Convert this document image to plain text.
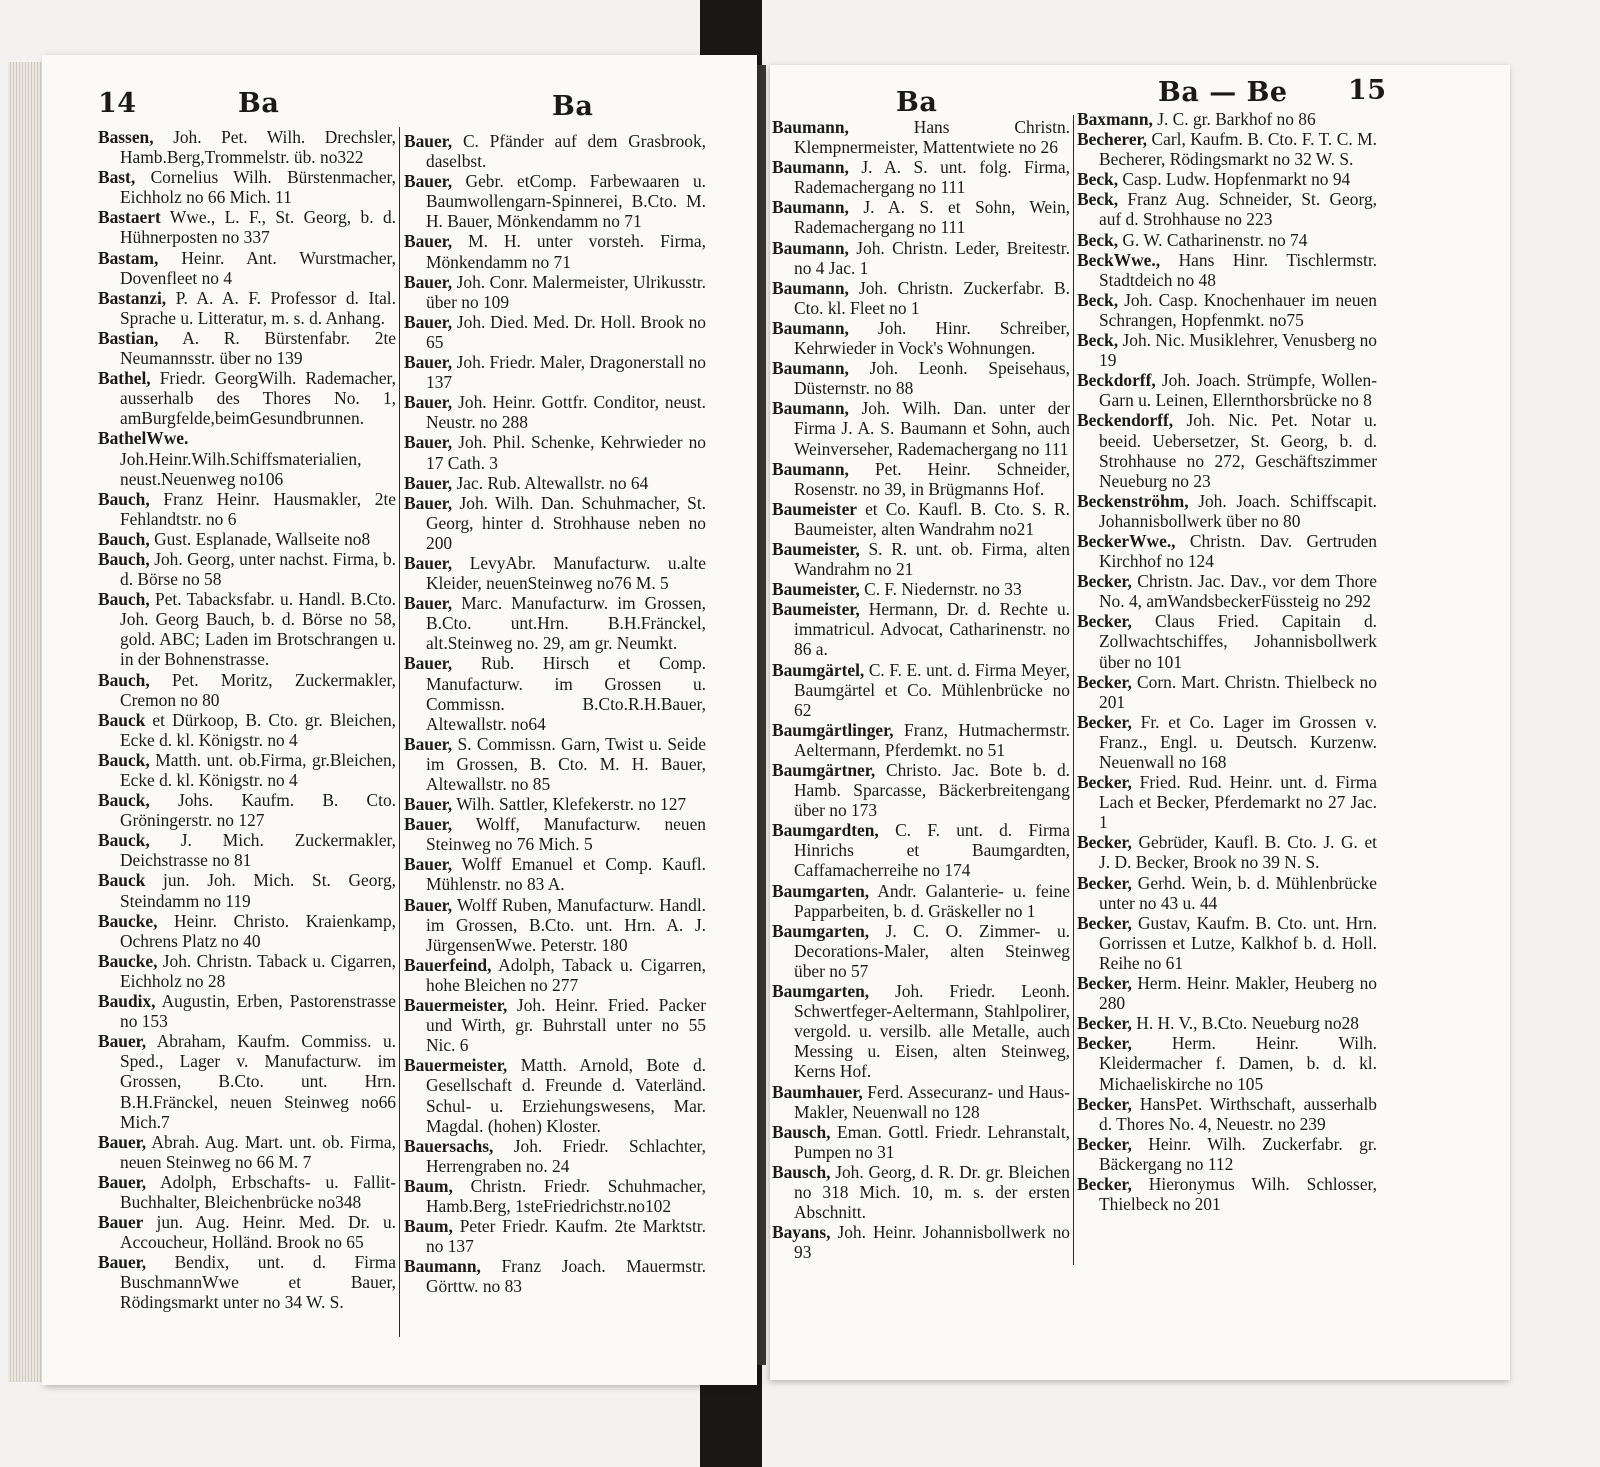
14	Ba	Ba
Bassen, Joh. Pet. Wilh. Drechsler, Hamb.Berg,Trommelstr. üb. no322
Bast, Cornelius Wilh. Bürstenmacher, Eichholz no 66 Mich. 11
Bastaert Wwe., L. F., St. Georg, b. d. Hühnerposten no 337
Bastam, Heinr. Ant. Wurstmacher, Dovenfleet no 4
Bastanzi, P. A. A. F. Professor d. Ital. Sprache u. Litteratur, m. s. d. Anhang.
Bastian, A. R. Bürstenfabr. 2te Neumannsstr. über no 139
Bathel, Friedr. GeorgWilh. Rademacher, ausserhalb des Thores No. 1, amBurgfelde,beimGesundbrunnen.
BathelWwe. Joh.Heinr.Wilh.Schiffsmaterialien, neust.Neuenweg no106
Bauch, Franz Heinr. Hausmakler, 2te Fehlandtstr. no 6
Bauch, Gust. Esplanade, Wallseite no8
Bauch, Joh. Georg, unter nachst. Firma, b. d. Börse no 58
Bauch, Pet. Tabacksfabr. u. Handl. B.Cto. Joh. Georg Bauch, b. d. Börse no 58, gold. ABC; Laden im Brotschrangen u. in der Bohnenstrasse.
Bauch, Pet. Moritz, Zuckermakler, Cremon no 80
Bauck et Dürkoop, B. Cto. gr. Bleichen, Ecke d. kl. Königstr. no 4
Bauck, Matth. unt. ob.Firma, gr.Bleichen, Ecke d. kl. Königstr. no 4
Bauck, Johs. Kaufm. B. Cto. Gröningerstr. no 127
Bauck, J. Mich. Zuckermakler, Deichstrasse no 81
Bauck jun. Joh. Mich. St. Georg, Steindamm no 119
Baucke, Heinr. Christo. Kraienkamp, Ochrens Platz no 40
Baucke, Joh. Christn. Taback u. Cigarren, Eichholz no 28
Baudix, Augustin, Erben, Pastorenstrasse no 153
Bauer, Abraham, Kaufm. Commiss. u. Sped., Lager v. Manufacturw. im Grossen, B.Cto. unt. Hrn. B.H.Fränckel, neuen Steinweg no66 Mich.7
Bauer, Abrah. Aug. Mart. unt. ob. Firma, neuen Steinweg no 66 M. 7
Bauer, Adolph, Erbschafts- u. Fallit-Buchhalter, Bleichenbrücke no348
Bauer jun. Aug. Heinr. Med. Dr. u. Accoucheur, Holländ. Brook no 65
Bauer, Bendix, unt. d. Firma BuschmannWwe et Bauer, Rödingsmarkt unter no 34 W. S.
Bauer, C. Pfänder auf dem Grasbrook, daselbst.
Bauer, Gebr. etComp. Farbewaaren u. Baumwollengarn-Spinnerei, B.Cto. M. H. Bauer, Mönkendamm no 71
Bauer, M. H. unter vorsteh. Firma, Mönkendamm no 71
Bauer, Joh. Conr. Malermeister, Ulrikusstr. über no 109
Bauer, Joh. Died. Med. Dr. Holl. Brook no 65
Bauer, Joh. Friedr. Maler, Dragonerstall no 137
Bauer, Joh. Heinr. Gottfr. Conditor, neust. Neustr. no 288
Bauer, Joh. Phil. Schenke, Kehrwieder no 17 Cath. 3
Bauer, Jac. Rub. Altewallstr. no 64
Bauer, Joh. Wilh. Dan. Schuhmacher, St. Georg, hinter d. Strohhause neben no 200
Bauer, LevyAbr. Manufacturw. u.alte Kleider, neuenSteinweg no76 M. 5
Bauer, Marc. Manufacturw. im Grossen, B.Cto. unt.Hrn. B.H.Fränckel, alt.Steinweg no. 29, am gr. Neumkt.
Bauer, Rub. Hirsch et Comp. Manufacturw. im Grossen u. Commissn. B.Cto.R.H.Bauer, Altewallstr. no64
Bauer, S. Commissn. Garn, Twist u. Seide im Grossen, B. Cto. M. H. Bauer, Altewallstr. no 85
Bauer, Wilh. Sattler, Klefekerstr. no 127
Bauer, Wolff, Manufacturw. neuen Steinweg no 76 Mich. 5
Bauer, Wolff Emanuel et Comp. Kaufl. Mühlenstr. no 83 A.
Bauer, Wolff Ruben, Manufacturw. Handl. im Grossen, B.Cto. unt. Hrn. A. J. JürgensenWwe. Peterstr. 180
Bauerfeind, Adolph, Taback u. Cigarren, hohe Bleichen no 277
Bauermeister, Joh. Heinr. Fried. Packer und Wirth, gr. Buhrstall unter no 55 Nic. 6
Bauermeister, Matth. Arnold, Bote d. Gesellschaft d. Freunde d. Vaterländ. Schul- u. Erziehungswesens, Mar. Magdal. (hohen) Kloster.
Bauersachs, Joh. Friedr. Schlachter, Herrengraben no. 24
Baum, Christn. Friedr. Schuhmacher, Hamb.Berg, 1steFriedrichstr.no102
Baum, Peter Friedr. Kaufm. 2te Marktstr. no 137
Baumann, Franz Joach. Mauermstr. Görttw. no 83
Ba	Ba — Be 15
Baumann, Hans Christn. Klempnermeister, Mattentwiete no 26
Baumann, J. A. S. unt. folg. Firma, Rademachergang no 111
Baumann, J. A. S. et Sohn, Wein, Rademachergang no 111
Baumann, Joh. Christn. Leder, Breitestr. no 4 Jac. 1
Baumann, Joh. Christn. Zuckerfabr. B. Cto. kl. Fleet no 1
Baumann, Joh. Hinr. Schreiber, Kehrwieder in Vock's Wohnungen.
Baumann, Joh. Leonh. Speisehaus, Düsternstr. no 88
Baumann, Joh. Wilh. Dan. unter der Firma J. A. S. Baumann et Sohn, auch Weinverseher, Rademachergang no 111
Baumann, Pet. Heinr. Schneider, Rosenstr. no 39, in Brügmanns Hof.
Baumeister et Co. Kaufl. B. Cto. S. R. Baumeister, alten Wandrahm no21
Baumeister, S. R. unt. ob. Firma, alten Wandrahm no 21
Baumeister, C. F. Niedernstr. no 33
Baumeister, Hermann, Dr. d. Rechte u. immatricul. Advocat, Catharinenstr. no 86 a.
Baumgärtel, C. F. E. unt. d. Firma Meyer, Baumgärtel et Co. Mühlenbrücke no 62
Baumgärtlinger, Franz, Hutmachermstr. Aeltermann, Pferdemkt. no 51
Baumgärtner, Christo. Jac. Bote b. d. Hamb. Sparcasse, Bäckerbreitengang über no 173
Baumgardten, C. F. unt. d. Firma Hinrichs et Baumgardten, Caffamacherreihe no 174
Baumgarten, Andr. Galanterie- u. feine Papparbeiten, b. d. Gräskeller no 1
Baumgarten, J. C. O. Zimmer- u. Decorations-Maler, alten Steinweg über no 57
Baumgarten, Joh. Friedr. Leonh. Schwertfeger-Aeltermann, Stahlpolirer, vergold. u. versilb. alle Metalle, auch Messing u. Eisen, alten Steinweg, Kerns Hof.
Baumhauer, Ferd. Assecuranz- und Haus-Makler, Neuenwall no 128
Bausch, Eman. Gottl. Friedr. Lehranstalt, Pumpen no 31
Bausch, Joh. Georg, d. R. Dr. gr. Bleichen no 318 Mich. 10, m. s. der ersten Abschnitt.
Bayans, Joh. Heinr. Johannisbollwerk no 93
Baxmann, J. C. gr. Barkhof no 86
Becherer, Carl, Kaufm. B. Cto. F. T. C. M. Becherer, Rödingsmarkt no 32 W. S.
Beck, Casp. Ludw. Hopfenmarkt no 94
Beck, Franz Aug. Schneider, St. Georg, auf d. Strohhause no 223
Beck, G. W. Catharinenstr. no 74
BeckWwe., Hans Hinr. Tischlermstr. Stadtdeich no 48
Beck, Joh. Casp. Knochenhauer im neuen Schrangen, Hopfenmkt. no75
Beck, Joh. Nic. Musiklehrer, Venusberg no 19
Beckdorff, Joh. Joach. Strümpfe, Wollen-Garn u. Leinen, Ellernthorsbrücke no 8
Beckendorff, Joh. Nic. Pet. Notar u. beeid. Uebersetzer, St. Georg, b. d. Strohhause no 272, Geschäftszimmer Neueburg no 23
Beckenströhm, Joh. Joach. Schiffscapit. Johannisbollwerk über no 80
BeckerWwe., Christn. Dav. Gertruden Kirchhof no 124
Becker, Christn. Jac. Dav., vor dem Thore No. 4, amWandsbeckerFüssteig no 292
Becker, Claus Fried. Capitain d. Zollwachtschiffes, Johannisbollwerk über no 101
Becker, Corn. Mart. Christn. Thielbeck no 201
Becker, Fr. et Co. Lager im Grossen v. Franz., Engl. u. Deutsch. Kurzenw. Neuenwall no 168
Becker, Fried. Rud. Heinr. unt. d. Firma Lach et Becker, Pferdemarkt no 27 Jac. 1
Becker, Gebrüder, Kaufl. B. Cto. J. G. et J. D. Becker, Brook no 39 N. S.
Becker, Gerhd. Wein, b. d. Mühlenbrücke unter no 43 u. 44
Becker, Gustav, Kaufm. B. Cto. unt. Hrn. Gorrissen et Lutze, Kalkhof b. d. Holl. Reihe no 61
Becker, Herm. Heinr. Makler, Heuberg no 280
Becker, H. H. V., B.Cto. Neueburg no28
Becker, Herm. Heinr. Wilh. Kleidermacher f. Damen, b. d. kl. Michaeliskirche no 105
Becker, HansPet. Wirthschaft, ausserhalb d. Thores No. 4, Neuestr. no 239
Becker, Heinr. Wilh. Zuckerfabr. gr. Bäckergang no 112
Becker, Hieronymus Wilh. Schlosser, Thielbeck no 201
